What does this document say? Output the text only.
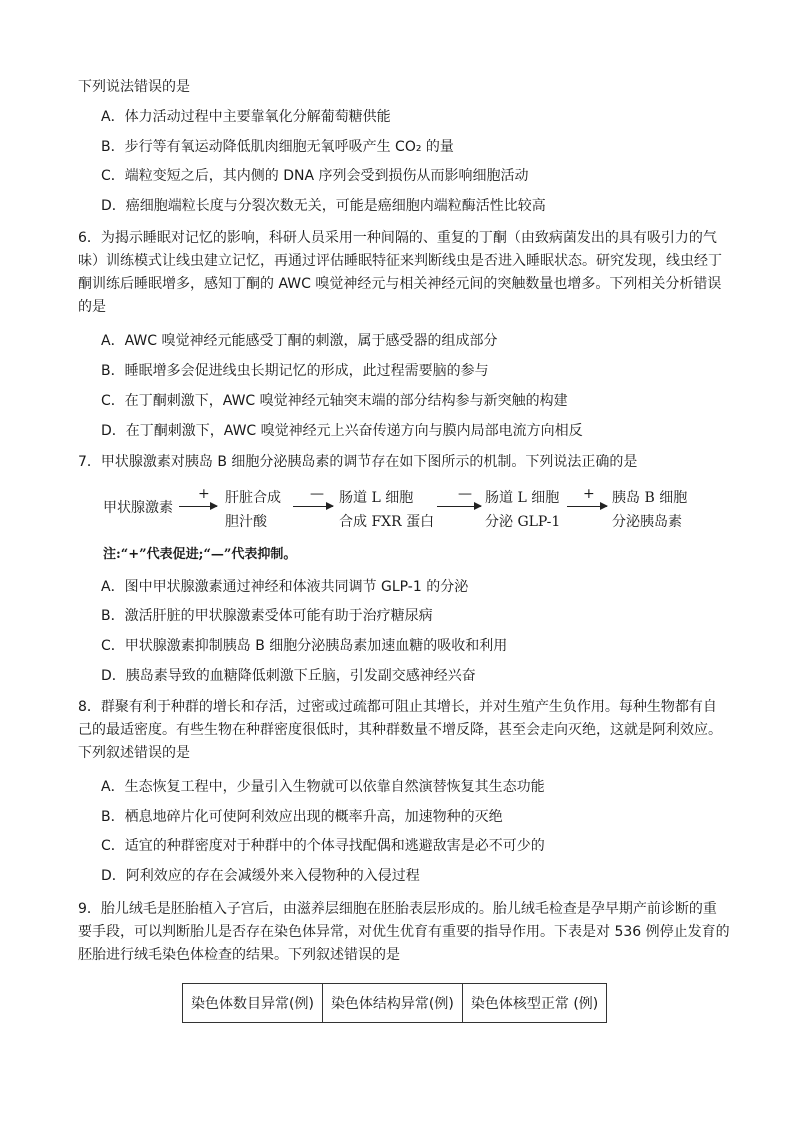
下列说法错误的是
A．体力活动过程中主要靠氧化分解葡萄糖供能
B．步行等有氧运动降低肌肉细胞无氧呼吸产生 CO₂ 的量
C．端粒变短之后，其内侧的 DNA 序列会受到损伤从而影响细胞活动
D．癌细胞端粒长度与分裂次数无关，可能是癌细胞内端粒酶活性比较高
6．为揭示睡眠对记忆的影响，科研人员采用一种间隔的、重复的丁酮（由致病菌发出的具有吸引力的气
味）训练模式让线虫建立记忆，再通过评估睡眠特征来判断线虫是否进入睡眠状态。研究发现，线虫经丁
酮训练后睡眠增多，感知丁酮的 AWC 嗅觉神经元与相关神经元间的突触数量也增多。下列相关分析错误
的是
A．AWC 嗅觉神经元能感受丁酮的刺激，属于感受器的组成部分
B．睡眠增多会促进线虫长期记忆的形成，此过程需要脑的参与
C．在丁酮刺激下，AWC 嗅觉神经元轴突末端的部分结构参与新突触的构建
D．在丁酮刺激下，AWC 嗅觉神经元上兴奋传递方向与膜内局部电流方向相反
7．甲状腺激素对胰岛 B 细胞分泌胰岛素的调节存在如下图所示的机制。下列说法正确的是
甲状腺激素
+ 肝脏合成
胆汁酸
— 肠道 L 细胞
合成 FXR 蛋白
— 肠道 L 细胞
分泌 GLP-1
+ 胰岛 B 细胞
分泌胰岛素
注:“+”代表促进;“—”代表抑制。
A．图中甲状腺激素通过神经和体液共同调节 GLP-1 的分泌
B．激活肝脏的甲状腺激素受体可能有助于治疗糖尿病
C．甲状腺激素抑制胰岛 B 细胞分泌胰岛素加速血糖的吸收和利用
D．胰岛素导致的血糖降低刺激下丘脑，引发副交感神经兴奋
8．群聚有利于种群的增长和存活，过密或过疏都可阻止其增长，并对生殖产生负作用。每种生物都有自
己的最适密度。有些生物在种群密度很低时，其种群数量不增反降，甚至会走向灭绝，这就是阿利效应。
下列叙述错误的是
A．生态恢复工程中，少量引入生物就可以依靠自然演替恢复其生态功能
B．栖息地碎片化可使阿利效应出现的概率升高，加速物种的灭绝
C．适宜的种群密度对于种群中的个体寻找配偶和逃避敌害是必不可少的
D．阿利效应的存在会减缓外来入侵物种的入侵过程
9．胎儿绒毛是胚胎植入子宫后，由滋养层细胞在胚胎表层形成的。胎儿绒毛检查是孕早期产前诊断的重
要手段，可以判断胎儿是否存在染色体异常，对优生优育有重要的指导作用。下表是对 536 例停止发育的
胚胎进行绒毛染色体检查的结果。下列叙述错误的是
染色体数目异常(例)	染色体结构异常(例)	染色体核型正常 (例)
